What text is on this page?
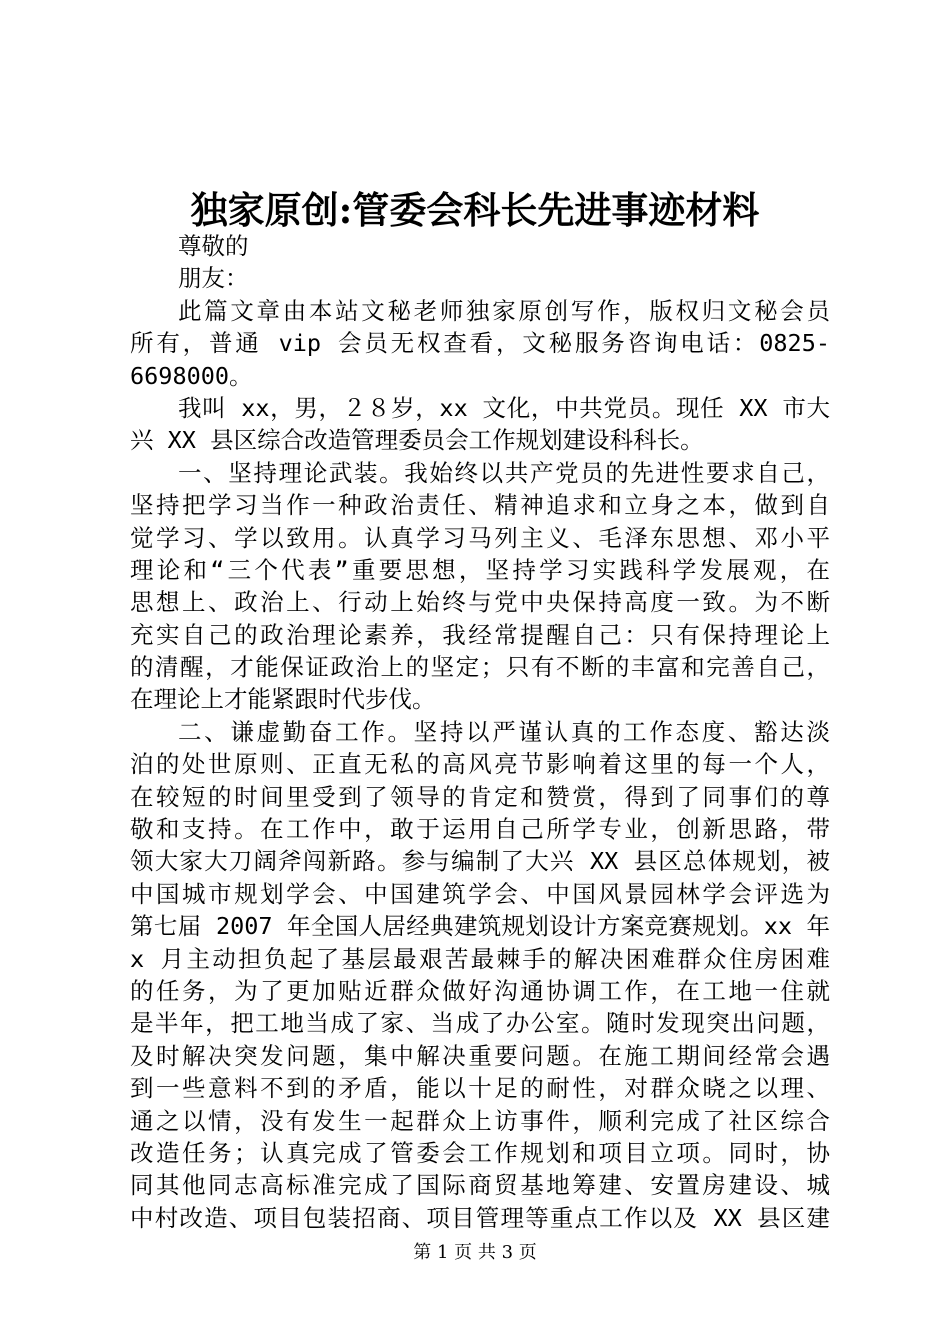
独家原创:管委会科长先进事迹材料
尊敬的
朋友：
此篇文章由本站文秘老师独家原创写作，版权归文秘会员
所有，普通 vip 会员无权查看，文秘服务咨询电话：0825-
6698000。
我叫 xx，男，２８岁，xx 文化，中共党员。现任 XX 市大
兴 XX 县区综合改造管理委员会工作规划建设科科长。
一、坚持理论武装。我始终以共产党员的先进性要求自己，
坚持把学习当作一种政治责任、精神追求和立身之本，做到自
觉学习、学以致用。认真学习马列主义、毛泽东思想、邓小平
理论和“三个代表”重要思想，坚持学习实践科学发展观，在
思想上、政治上、行动上始终与党中央保持高度一致。为不断
充实自己的政治理论素养，我经常提醒自己：只有保持理论上
的清醒，才能保证政治上的坚定；只有不断的丰富和完善自己，
在理论上才能紧跟时代步伐。
二、谦虚勤奋工作。坚持以严谨认真的工作态度、豁达淡
泊的处世原则、正直无私的高风亮节影响着这里的每一个人，
在较短的时间里受到了领导的肯定和赞赏，得到了同事们的尊
敬和支持。在工作中，敢于运用自己所学专业，创新思路，带
领大家大刀阔斧闯新路。参与编制了大兴 XX 县区总体规划，被
中国城市规划学会、中国建筑学会、中国风景园林学会评选为
第七届 2007 年全国人居经典建筑规划设计方案竞赛规划。xx 年
x 月主动担负起了基层最艰苦最棘手的解决困难群众住房困难
的任务，为了更加贴近群众做好沟通协调工作，在工地一住就
是半年，把工地当成了家、当成了办公室。随时发现突出问题，
及时解决突发问题，集中解决重要问题。在施工期间经常会遇
到一些意料不到的矛盾，能以十足的耐性，对群众晓之以理、
通之以情，没有发生一起群众上访事件，顺利完成了社区综合
改造任务；认真完成了管委会工作规划和项目立项。同时，协
同其他同志高标准完成了国际商贸基地筹建、安置房建设、城
中村改造、项目包装招商、项目管理等重点工作以及 XX 县区建
第 1 页 共 3 页
